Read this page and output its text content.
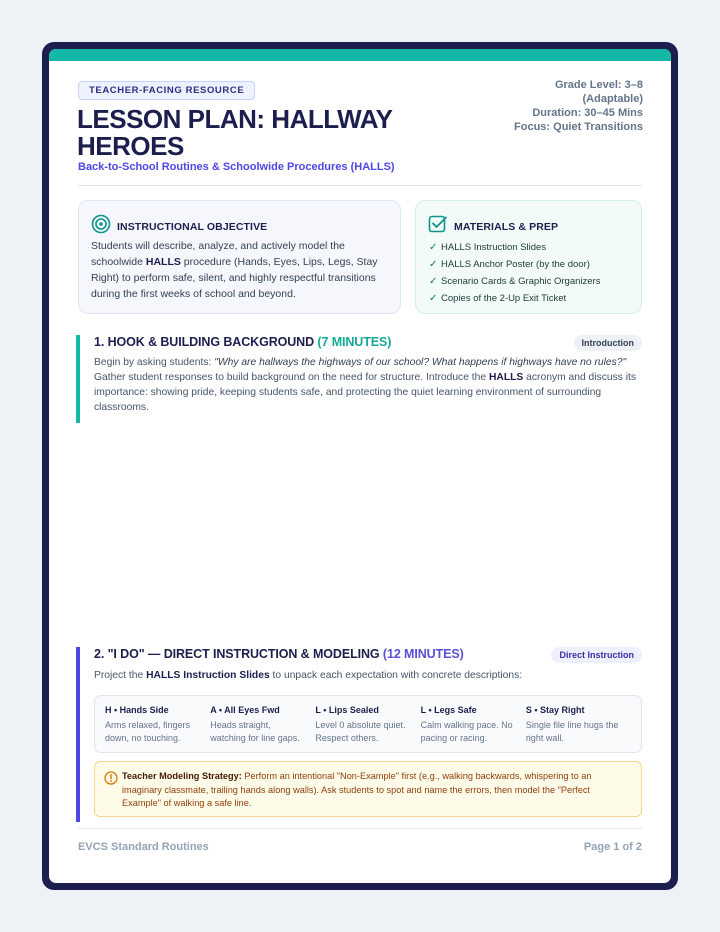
TEACHER-FACING RESOURCE
LESSON PLAN: HALLWAY HEROES
Back-to-School Routines & Schoolwide Procedures (HALLS)
Grade Level: 3–8
(Adaptable)
Duration: 30–45 Mins
Focus: Quiet Transitions
INSTRUCTIONAL OBJECTIVE

Students will describe, analyze, and actively model the schoolwide HALLS procedure (Hands, Eyes, Lips, Legs, Stay Right) to perform safe, silent, and highly respectful transitions during the first weeks of school and beyond.

MATERIALS & PREP
✓ HALLS Instruction Slides
✓ HALLS Anchor Poster (by the door)
✓ Scenario Cards & Graphic Organizers
✓ Copies of the 2-Up Exit Ticket
1. HOOK & BUILDING BACKGROUND (7 MINUTES)	Introduction

Begin by asking students: "Why are hallways the highways of our school? What happens if highways have no rules?" Gather student responses to build background on the need for structure. Introduce the HALLS acronym and discuss its importance: showing pride, keeping students safe, and protecting the quiet learning environment of surrounding classrooms.

2. "I DO" — DIRECT INSTRUCTION & MODELING (12 MINUTES)	Direct Instruction

Project the HALLS Instruction Slides to unpack each expectation with concrete descriptions:

H • Hands Side
Arms relaxed, fingers down, no touching.
A • All Eyes Fwd
Heads straight, watching for line gaps.
L • Lips Sealed
Level 0 absolute quiet. Respect others.
L • Legs Safe
Calm walking pace. No pacing or racing.
S • Stay Right
Single file line hugs the right wall.

Teacher Modeling Strategy: Perform an intentional "Non-Example" first (e.g., walking backwards, whispering to an imaginary classmate, trailing hands along walls). Ask students to spot and name the errors, then model the "Perfect Example" of walking a safe line.

EVCS Standard Routines	Page 1 of 2
